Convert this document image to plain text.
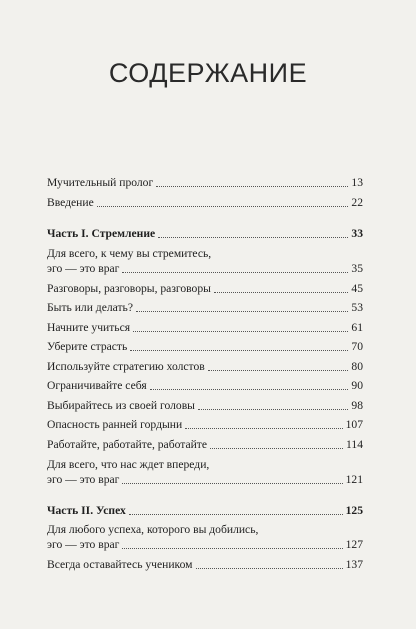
СОДЕРЖАНИЕ
Мучительный пролог	13
Введение	22
Часть I. Стремление	33
Для всего, к чему вы стремитесь,
эго — это враг	35
Разговоры, разговоры, разговоры	45
Быть или делать?	53
Начните учиться	61
Уберите страсть	70
Используйте стратегию холстов	80
Ограничивайте себя	90
Выбирайтесь из своей головы	98
Опасность ранней гордыни	107
Работайте, работайте, работайте	114
Для всего, что нас ждет впереди,
эго — это враг	121
Часть II. Успех	125
Для любого успеха, которого вы добились,
эго — это враг	127
Всегда оставайтесь учеником	137
